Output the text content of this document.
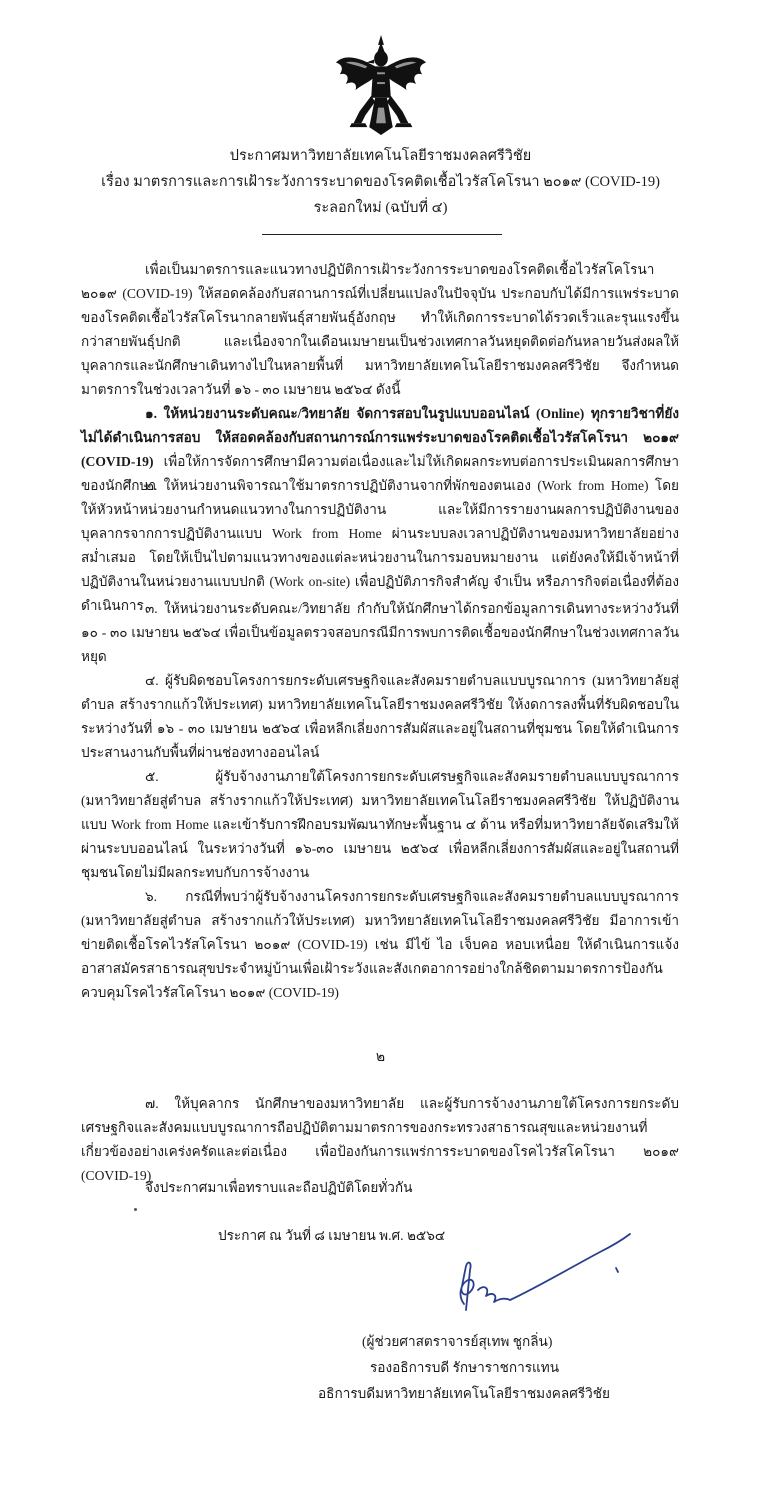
ประกาศมหาวิทยาลัยเทคโนโลยีราชมงคลศรีวิชัย
เรื่อง มาตรการและการเฝ้าระวังการระบาดของโรคติดเชื้อไวรัสโคโรนา ๒๐๑๙ (COVID-19)
ระลอกใหม่ (ฉบับที่ ๔)
เพื่อเป็นมาตรการและแนวทางปฏิบัติการเฝ้าระวังการระบาดของโรคติดเชื้อไวรัสโคโรนา ๒๐๑๙ (COVID-19) ให้สอดคล้องกับสถานการณ์ที่เปลี่ยนแปลงในปัจจุบัน ประกอบกับได้มีการแพร่ระบาดของโรคติดเชื้อไวรัสโคโรนากลายพันธุ์สายพันธุ์อังกฤษ ทำให้เกิดการระบาดได้รวดเร็วและรุนแรงขึ้นกว่าสายพันธุ์ปกติ และเนื่องจากในเดือนเมษายนเป็นช่วงเทศกาลวันหยุดติดต่อกันหลายวันส่งผลให้บุคลากรและนักศึกษาเดินทางไปในหลายพื้นที่ มหาวิทยาลัยเทคโนโลยีราชมงคลศรีวิชัย จึงกำหนดมาตรการในช่วงเวลาวันที่ ๑๖ - ๓๐ เมษายน ๒๕๖๔ ดังนี้
๑. ให้หน่วยงานระดับคณะ/วิทยาลัย จัดการสอบในรูปแบบออนไลน์ (Online) ทุกรายวิชาที่ยังไม่ได้ดำเนินการสอบ ให้สอดคล้องกับสถานการณ์การแพร่ระบาดของโรคติดเชื้อไวรัสโคโรนา ๒๐๑๙ (COVID-19) เพื่อให้การจัดการศึกษามีความต่อเนื่องและไม่ให้เกิดผลกระทบต่อการประเมินผลการศึกษาของนักศึกษา
๒. ให้หน่วยงานพิจารณาใช้มาตรการปฏิบัติงานจากที่พักของตนเอง (Work from Home) โดยให้หัวหน้าหน่วยงานกำหนดแนวทางในการปฏิบัติงาน และให้มีการรายงานผลการปฏิบัติงานของบุคลากรจากการปฏิบัติงานแบบ Work from Home ผ่านระบบลงเวลาปฏิบัติงานของมหาวิทยาลัยอย่างสม่ำเสมอ โดยให้เป็นไปตามแนวทางของแต่ละหน่วยงานในการมอบหมายงาน แต่ยังคงให้มีเจ้าหน้าที่ปฏิบัติงานในหน่วยงานแบบปกติ (Work on-site) เพื่อปฏิบัติภารกิจสำคัญ จำเป็น หรือภารกิจต่อเนื่องที่ต้องดำเนินการ ๓. ให้หน่วยงานระดับคณะ/วิทยาลัย กำกับให้นักศึกษาได้กรอกข้อมูลการเดินทางระหว่างวันที่ ๑๐ - ๓๐ เมษายน ๒๕๖๔ เพื่อเป็นข้อมูลตรวจสอบกรณีมีการพบการติดเชื้อของนักศึกษาในช่วงเทศกาลวันหยุด
๔. ผู้รับผิดชอบโครงการยกระดับเศรษฐกิจและสังคมรายตำบลแบบบูรณาการ (มหาวิทยาลัยสู่ตำบล สร้างรากแก้วให้ประเทศ) มหาวิทยาลัยเทคโนโลยีราชมงคลศรีวิชัย ให้งดการลงพื้นที่รับผิดชอบในระหว่างวันที่ ๑๖ - ๓๐ เมษายน ๒๕๖๔ เพื่อหลีกเลี่ยงการสัมผัสและอยู่ในสถานที่ชุมชน โดยให้ดำเนินการประสานงานกับพื้นที่ผ่านช่องทางออนไลน์
๕. ผู้รับจ้างงานภายใต้โครงการยกระดับเศรษฐกิจและสังคมรายตำบลแบบบูรณาการ (มหาวิทยาลัยสู่ตำบล สร้างรากแก้วให้ประเทศ) มหาวิทยาลัยเทคโนโลยีราชมงคลศรีวิชัย ให้ปฏิบัติงานแบบ Work from Home และเข้ารับการฝึกอบรมพัฒนาทักษะพื้นฐาน ๔ ด้าน หรือที่มหาวิทยาลัยจัดเสริมให้ผ่านระบบออนไลน์ ในระหว่างวันที่ ๑๖-๓๐ เมษายน ๒๕๖๔ เพื่อหลีกเลี่ยงการสัมผัสและอยู่ในสถานที่ชุมชนโดยไม่มีผลกระทบกับการจ้างงาน
๖. กรณีที่พบว่าผู้รับจ้างงานโครงการยกระดับเศรษฐกิจและสังคมรายตำบลแบบบูรณาการ (มหาวิทยาลัยสู่ตำบล สร้างรากแก้วให้ประเทศ) มหาวิทยาลัยเทคโนโลยีราชมงคลศรีวิชัย มีอาการเข้าข่ายติดเชื้อโรคไวรัสโคโรนา ๒๐๑๙ (COVID-19) เช่น มีไข้ ไอ เจ็บคอ หอบเหนื่อย ให้ดำเนินการแจ้งอาสาสมัครสาธารณสุขประจำหมู่บ้านเพื่อเฝ้าระวังและสังเกตอาการอย่างใกล้ชิดตามมาตรการป้องกันควบคุมโรคไวรัสโคโรนา ๒๐๑๙ (COVID-19)
๒
๗. ให้บุคลากร นักศึกษาของมหาวิทยาลัย และผู้รับการจ้างงานภายใต้โครงการยกระดับเศรษฐกิจและสังคมแบบบูรณาการถือปฏิบัติตามมาตรการของกระทรวงสาธารณสุขและหน่วยงานที่เกี่ยวข้องอย่างเคร่งครัดและต่อเนื่อง เพื่อป้องกันการแพร่การระบาดของโรคไวรัสโคโรนา ๒๐๑๙ (COVID-19)
จึงประกาศมาเพื่อทราบและถือปฏิบัติโดยทั่วกัน
ประกาศ ณ วันที่ ๘ เมษายน พ.ศ. ๒๕๖๔
(ผู้ช่วยศาสตราจารย์สุเทพ ชูกลิ่น)
รองอธิการบดี รักษาราชการแทน
อธิการบดีมหาวิทยาลัยเทคโนโลยีราชมงคลศรีวิชัย
